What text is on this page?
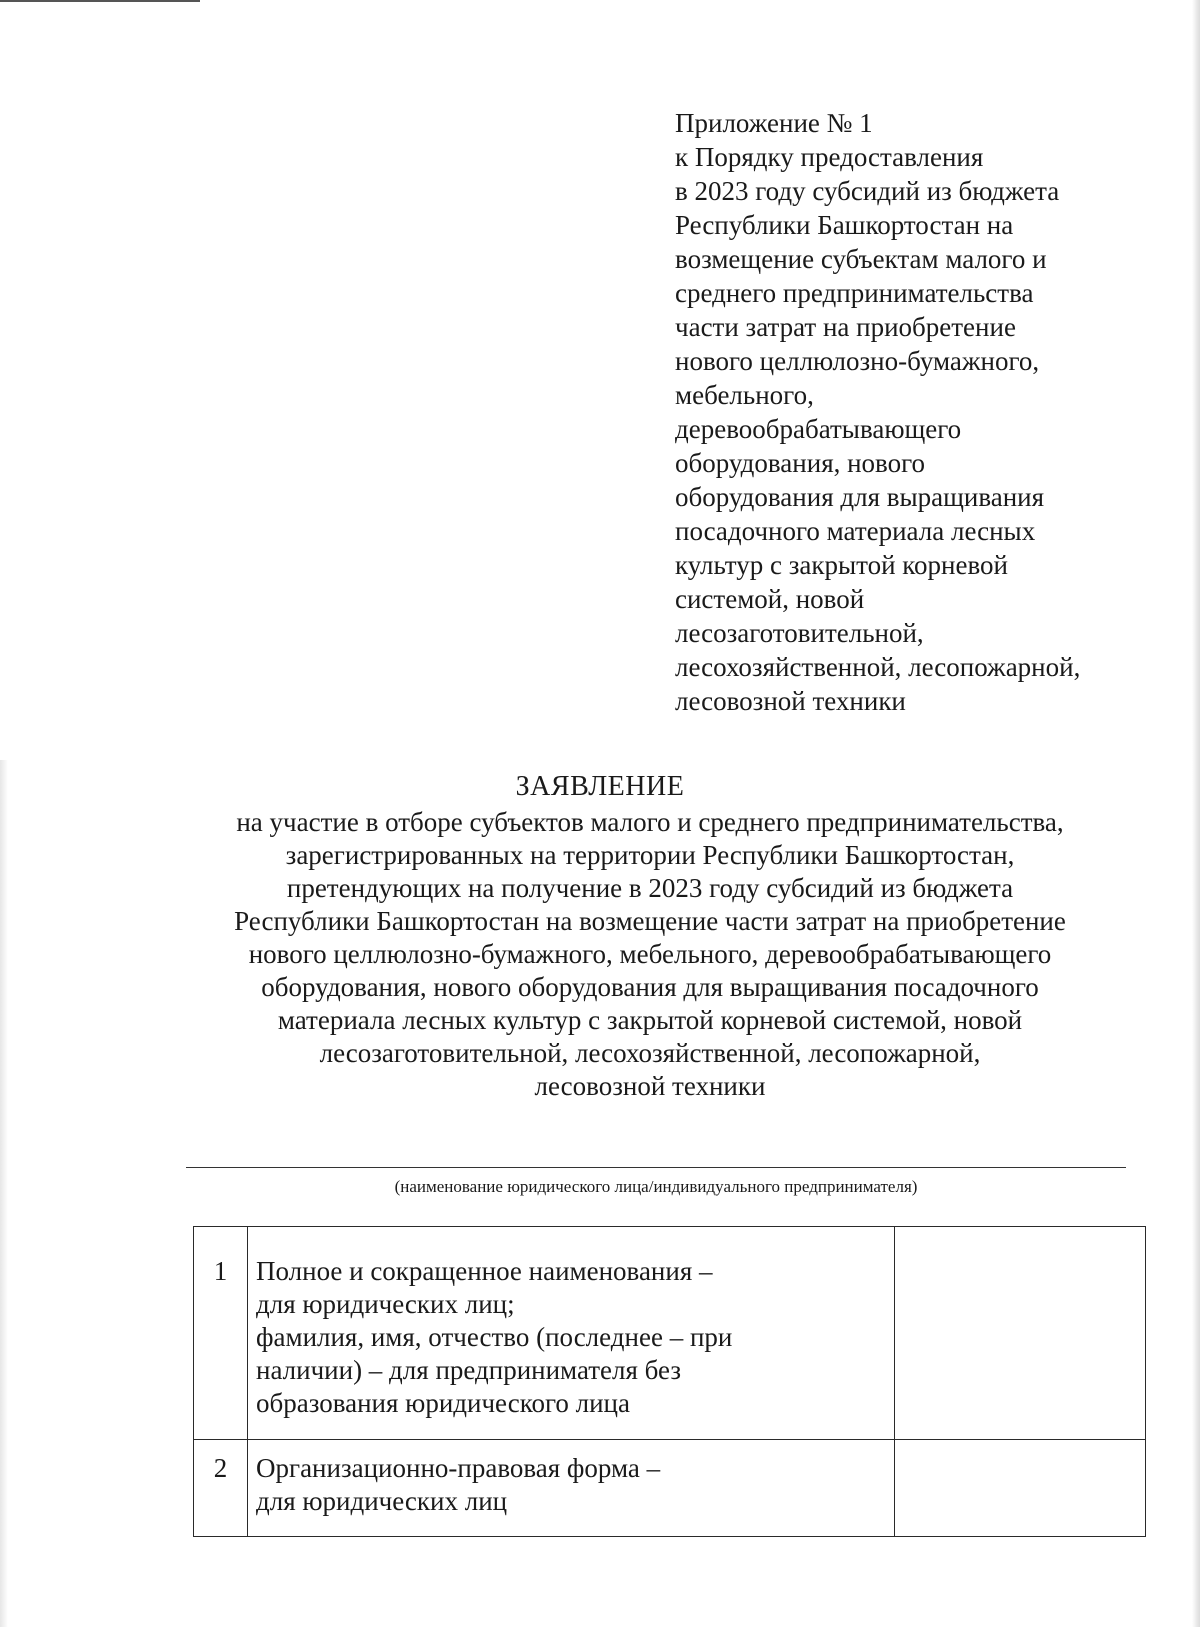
Приложение № 1
к Порядку предоставления
в 2023 году субсидий из бюджета
Республики Башкортостан на
возмещение субъектам малого и
среднего предпринимательства
части затрат на приобретение
нового целлюлозно-бумажного,
мебельного,
деревообрабатывающего
оборудования, нового
оборудования для выращивания
посадочного материала лесных
культур с закрытой корневой
системой, новой
лесозаготовительной,
лесохозяйственной, лесопожарной,
лесовозной техники
ЗАЯВЛЕНИЕ
на участие в отборе субъектов малого и среднего предпринимательства,
зарегистрированных на территории Республики Башкортостан,
претендующих на получение в 2023 году субсидий из бюджета
Республики Башкортостан на возмещение части затрат на приобретение
нового целлюлозно-бумажного, мебельного, деревообрабатывающего
оборудования, нового оборудования для выращивания посадочного
материала лесных культур с закрытой корневой системой, новой
лесозаготовительной, лесохозяйственной, лесопожарной,
лесовозной техники
(наименование юридического лица/индивидуального предпринимателя)
1	Полное и сокращенное наименования –
для юридических лиц;
фамилия, имя, отчество (последнее – при
наличии) – для предпринимателя без
образования юридического лица	

2	Организационно-правовая форма –
для юридических лиц	
